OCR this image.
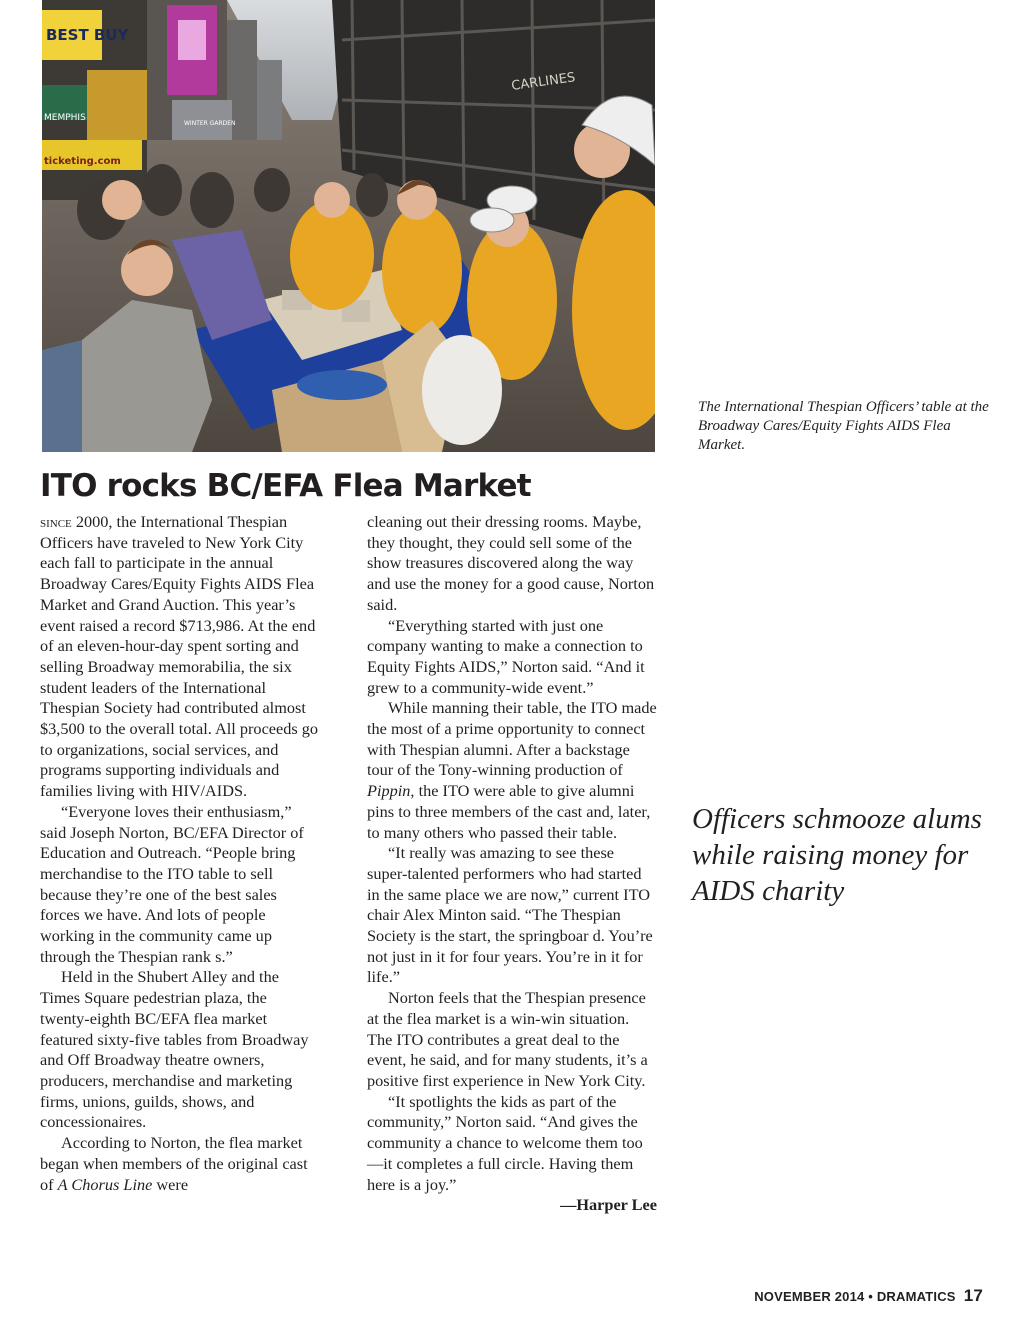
BEST BUY
MEMPHIS
ticketing.com
WINTER GARDEN
CARLINES

The International Thespian Officers’ table at the Broadway Cares/Equity Fights AIDS Flea Market.

ITO rocks BC/EFA Flea Market

since 2000, the International Thespian Officers have traveled to New York City each fall to participate in the annual Broadway Cares/Equity Fights AIDS Flea Market and Grand Auction. This year’s event raised a record $713,986. At the end of an eleven-hour-day spent sorting and selling Broadway memorabilia, the six student leaders of the International Thespian Society had contributed almost $3,500 to the overall total. All proceeds go to organizations, social services, and programs supporting individuals and families living with HIV/AIDS.

“Everyone loves their enthusiasm,” said Joseph Norton, BC/EFA Director of Education and Outreach. “People bring merchandise to the ITO table to sell because they’re one of the best sales forces we have. And lots of people working in the community came up through the Thespian rank s.”

Held in the Shubert Alley and the Times Square pedestrian plaza, the twenty-eighth BC/EFA flea market featured sixty-five tables from Broadway and Off Broadway theatre owners, producers, merchandise and marketing firms, unions, guilds, shows, and concessionaires.

According to Norton, the flea market began when members of the original cast of A Chorus Line were

cleaning out their dressing rooms. Maybe, they thought, they could sell some of the show treasures discovered along the way and use the money for a good cause, Norton said.

“Everything started with just one company wanting to make a connection to Equity Fights AIDS,” Norton said. “And it grew to a community-wide event.”

While manning their table, the ITO made the most of a prime opportunity to connect with Thespian alumni. After a backstage tour of the Tony-winning production of Pippin, the ITO were able to give alumni pins to three members of the cast and, later, to many others who passed their table.

“It really was amazing to see these super-talented performers who had started in the same place we are now,” current ITO chair Alex Minton said. “The Thespian Society is the start, the springboar d. You’re not just in it for four years. You’re in it for life.”

Norton feels that the Thespian presence at the flea market is a win-win situation. The ITO contributes a great deal to the event, he said, and for many students, it’s a positive first experience in New York City.

“It spotlights the kids as part of the community,” Norton said. “And gives the community a chance to welcome them too—it completes a full circle. Having them here is a joy.”

—Harper Lee

Officers schmooze alums while raising money for AIDS charity

NOVEMBER 2014 • DRAMATICS 17
